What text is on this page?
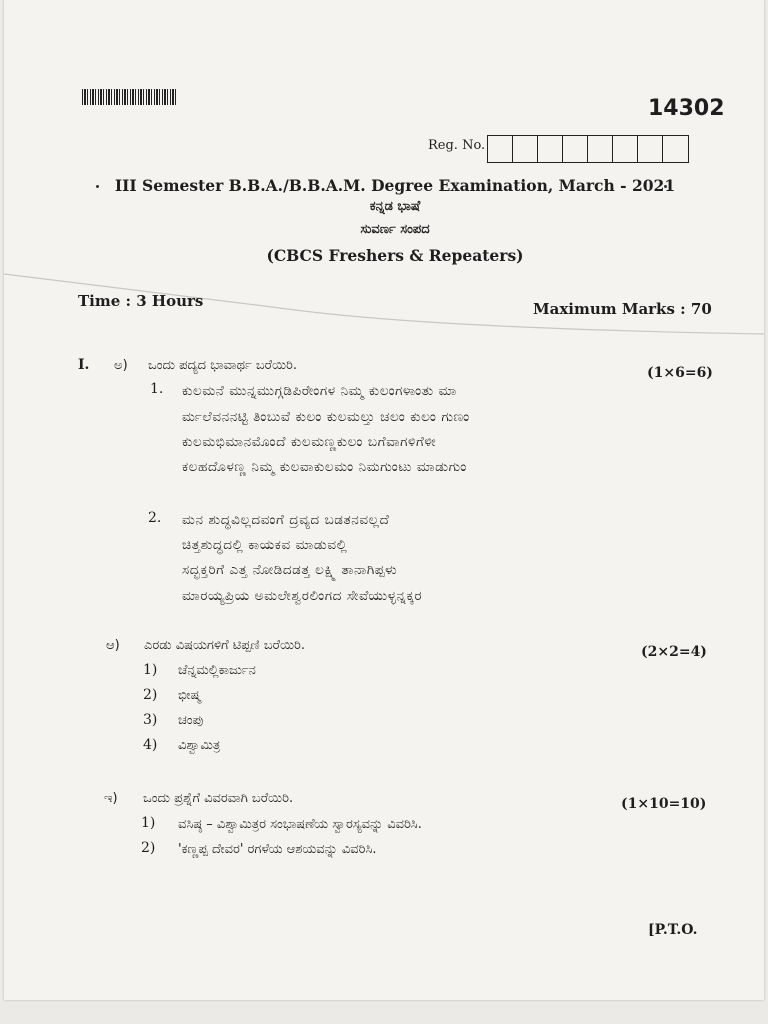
14302
Reg. No.
III Semester B.B.A./B.B.A.M. Degree Examination, March - 2021
ಕನ್ನಡ ಭಾಷೆ
ಸುವರ್ಣ ಸಂಪದ
(CBCS Freshers & Repeaters)
Time : 3 Hours	Maximum Marks : 70
I. ಅ) ಒಂದು ಪದ್ಯದ ಭಾವಾರ್ಥ ಬರೆಯಿರಿ.	(1×6=6)
1. ಕುಲಮನೆ ಮುನ್ನಮುಗ್ಗಡಿಪಿರೇಂಗಳ ನಿಮ್ಮ ಕುಲಂಗಳಾಂತು ಮಾ
ರ್ಮಲೆವನನಟ್ಟಿ ತಿಂಬುವೆ ಕುಲಂ ಕುಲಮಲ್ತು ಚಲಂ ಕುಲಂ ಗುಣಂ
ಕುಲಮಭಿಮಾನಮೊಂದೆ ಕುಲಮಣ್ಣಕುಲಂ ಬಗೆವಾಗಳಿಗೆಳೀ
ಕಲಹದೊಳಣ್ಣ ನಿಮ್ಮ ಕುಲವಾಕುಲಮಂ ನಿಮಗುಂಟು ಮಾಡುಗುಂ
2. ಮನ ಶುದ್ಧವಿಲ್ಲದವಂಗೆ ದ್ರವ್ಯದ ಬಡತನವಲ್ಲದೆ
ಚಿತ್ತಶುದ್ಧದಲ್ಲಿ ಕಾಯಕವ ಮಾಡುವಲ್ಲಿ
ಸದ್ಭಕ್ತರಿಗೆ ಎತ್ತ ನೋಡಿದಡತ್ತ ಲಕ್ಷ್ಮಿ ತಾನಾಗಿಪ್ಪಳು
ಮಾರಯ್ಯಪ್ರಿಯ ಅಮಲೇಶ್ವರಲಿಂಗದ ಸೇವೆಯುಳ್ಳನ್ನಕ್ಕರ
ಆ) ಎರಡು ವಿಷಯಗಳಿಗೆ ಟಿಪ್ಪಣಿ ಬರೆಯಿರಿ.	(2×2=4)
1) ಚೆನ್ನಮಲ್ಲಿಕಾರ್ಜುನ
2) ಭೀಷ್ಮ
3) ಚಂಪು
4) ವಿಶ್ವಾಮಿತ್ರ
ಇ) ಒಂದು ಪ್ರಶ್ನೆಗೆ ವಿವರವಾಗಿ ಬರೆಯಿರಿ.	(1×10=10)
1) ವಸಿಷ್ಠ – ವಿಶ್ವಾಮಿತ್ರರ ಸಂಭಾಷಣೆಯ ಸ್ವಾರಸ್ಯವನ್ನು ವಿವರಿಸಿ.
2) 'ಕಣ್ಣಪ್ಪ ದೇವರ' ರಗಳೆಯ ಆಶಯವನ್ನು ವಿವರಿಸಿ.
[P.T.O.
